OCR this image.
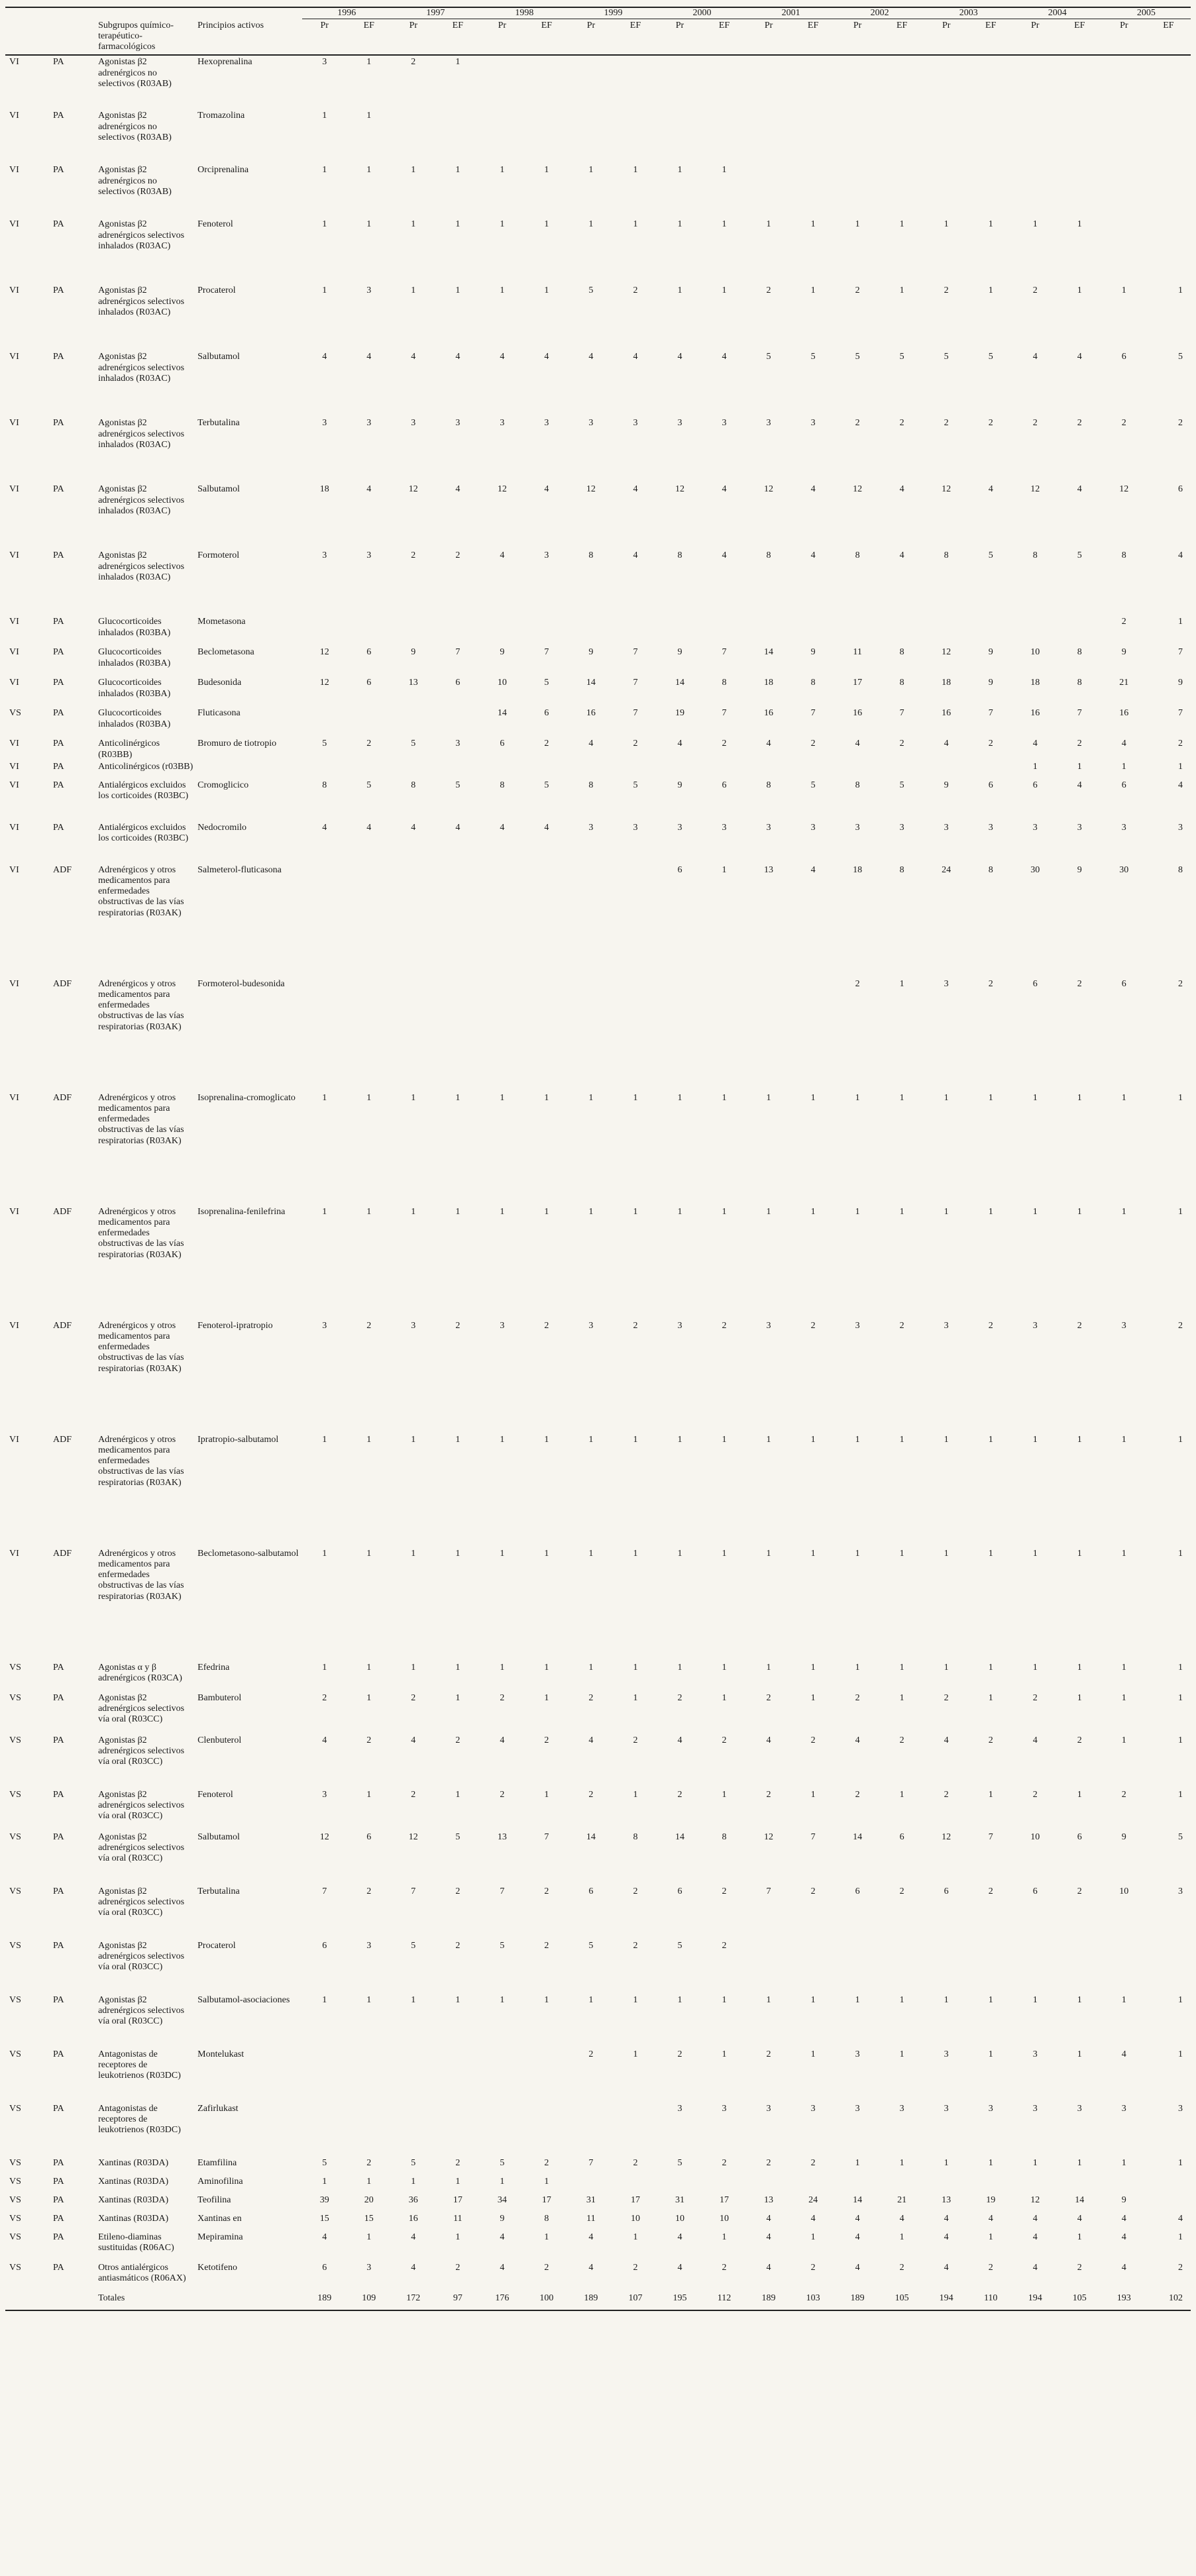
				1996		1997		1998		1999		2000		2001		2002		2003		2004		2005	
		Subgrupos químico-terapéutico-farmacológicos	Principios activos	Pr	EF	Pr	EF	Pr	EF	Pr	EF	Pr	EF	Pr	EF	Pr	EF	Pr	EF	Pr	EF	Pr	EF
VI	PA	Agonistas β2 adrenérgicos no selectivos (R03AB)	Hexoprenalina	3	1	2	1																
VI	PA	Agonistas β2 adrenérgicos no selectivos (R03AB)	Tromazolina	1	1																		
VI	PA	Agonistas β2 adrenérgicos no selectivos (R03AB)	Orciprenalina	1	1	1	1	1	1	1	1	1	1										
VI	PA	Agonistas β2 adrenérgicos selectivos inhalados (R03AC)	Fenoterol	1	1	1	1	1	1	1	1	1	1	1	1	1	1	1	1	1	1		
VI	PA	Agonistas β2 adrenérgicos selectivos inhalados (R03AC)	Procaterol	1	3	1	1	1	1	5	2	1	1	2	1	2	1	2	1	2	1	1	1
VI	PA	Agonistas β2 adrenérgicos selectivos inhalados (R03AC)	Salbutamol	4	4	4	4	4	4	4	4	4	4	5	5	5	5	5	5	4	4	6	5
VI	PA	Agonistas β2 adrenérgicos selectivos inhalados (R03AC)	Terbutalina	3	3	3	3	3	3	3	3	3	3	3	3	2	2	2	2	2	2	2	2
VI	PA	Agonistas β2 adrenérgicos selectivos inhalados (R03AC)	Salbutamol	18	4	12	4	12	4	12	4	12	4	12	4	12	4	12	4	12	4	12	6
VI	PA	Agonistas β2 adrenérgicos selectivos inhalados (R03AC)	Formoterol	3	3	2	2	4	3	8	4	8	4	8	4	8	4	8	5	8	5	8	4
VI	PA	Glucocorticoides inhalados (R03BA)	Mometasona																			2	1
VI	PA	Glucocorticoides inhalados (R03BA)	Beclometasona	12	6	9	7	9	7	9	7	9	7	14	9	11	8	12	9	10	8	9	7
VI	PA	Glucocorticoides inhalados (R03BA)	Budesonida	12	6	13	6	10	5	14	7	14	8	18	8	17	8	18	9	18	8	21	9
VS	PA	Glucocorticoides inhalados (R03BA)	Fluticasona					14	6	16	7	19	7	16	7	16	7	16	7	16	7	16	7
VI	PA	Anticolinérgicos (R03BB)	Bromuro de tiotropio	5	2	5	3	6	2	4	2	4	2	4	2	4	2	4	2	4	2	4	2
VI	PA	Anticolinérgicos (r03BB)																		1	1	1	1
VI	PA	Antialérgicos excluidos los corticoides (R03BC)	Cromoglicico	8	5	8	5	8	5	8	5	9	6	8	5	8	5	9	6	6	4	6	4
VI	PA	Antialérgicos excluidos los corticoides (R03BC)	Nedocromilo	4	4	4	4	4	4	3	3	3	3	3	3	3	3	3	3	3	3	3	3
VI	ADF	Adrenérgicos y otros medicamentos para enfermedades obstructivas de las vías respiratorias (R03AK)	Salmeterol-fluticasona									6	1	13	4	18	8	24	8	30	9	30	8
VI	ADF	Adrenérgicos y otros medicamentos para enfermedades obstructivas de las vías respiratorias (R03AK)	Formoterol-budesonida													2	1	3	2	6	2	6	2
VI	ADF	Adrenérgicos y otros medicamentos para enfermedades obstructivas de las vías respiratorias (R03AK)	Isoprenalina-cromoglicato	1	1	1	1	1	1	1	1	1	1	1	1	1	1	1	1	1	1	1	1
VI	ADF	Adrenérgicos y otros medicamentos para enfermedades obstructivas de las vías respiratorias (R03AK)	Isoprenalina-fenilefrina	1	1	1	1	1	1	1	1	1	1	1	1	1	1	1	1	1	1	1	1
VI	ADF	Adrenérgicos y otros medicamentos para enfermedades obstructivas de las vías respiratorias (R03AK)	Fenoterol-ipratropio	3	2	3	2	3	2	3	2	3	2	3	2	3	2	3	2	3	2	3	2
VI	ADF	Adrenérgicos y otros medicamentos para enfermedades obstructivas de las vías respiratorias (R03AK)	Ipratropio-salbutamol	1	1	1	1	1	1	1	1	1	1	1	1	1	1	1	1	1	1	1	1
VI	ADF	Adrenérgicos y otros medicamentos para enfermedades obstructivas de las vías respiratorias (R03AK)	Beclometasono-salbutamol	1	1	1	1	1	1	1	1	1	1	1	1	1	1	1	1	1	1	1	1
VS	PA	Agonistas α y β adrenérgicos (R03CA)	Efedrina	1	1	1	1	1	1	1	1	1	1	1	1	1	1	1	1	1	1	1	1
VS	PA	Agonistas β2 adrenérgicos selectivos vía oral (R03CC)	Bambuterol	2	1	2	1	2	1	2	1	2	1	2	1	2	1	2	1	2	1	1	1
VS	PA	Agonistas β2 adrenérgicos selectivos vía oral (R03CC)	Clenbuterol	4	2	4	2	4	2	4	2	4	2	4	2	4	2	4	2	4	2	1	1
VS	PA	Agonistas β2 adrenérgicos selectivos vía oral (R03CC)	Fenoterol	3	1	2	1	2	1	2	1	2	1	2	1	2	1	2	1	2	1	2	1
VS	PA	Agonistas β2 adrenérgicos selectivos vía oral (R03CC)	Salbutamol	12	6	12	5	13	7	14	8	14	8	12	7	14	6	12	7	10	6	9	5
VS	PA	Agonistas β2 adrenérgicos selectivos vía oral (R03CC)	Terbutalina	7	2	7	2	7	2	6	2	6	2	7	2	6	2	6	2	6	2	10	3
VS	PA	Agonistas β2 adrenérgicos selectivos vía oral (R03CC)	Procaterol	6	3	5	2	5	2	5	2	5	2										
VS	PA	Agonistas β2 adrenérgicos selectivos vía oral (R03CC)	Salbutamol-asociaciones	1	1	1	1	1	1	1	1	1	1	1	1	1	1	1	1	1	1	1	1
VS	PA	Antagonistas de receptores de leukotrienos (R03DC)	Montelukast							2	1	2	1	2	1	3	1	3	1	3	1	4	1
VS	PA	Antagonistas de receptores de leukotrienos (R03DC)	Zafirlukast									3	3	3	3	3	3	3	3	3	3	3	3
VS	PA	Xantinas (R03DA)	Etamfilina	5	2	5	2	5	2	7	2	5	2	2	2	1	1	1	1	1	1	1	1
VS	PA	Xantinas (R03DA)	Aminofilina	1	1	1	1	1	1														
VS	PA	Xantinas (R03DA)	Teofilina	39	20	36	17	34	17	31	17	31	17	13	24	14	21	13	19	12	14	9	
VS	PA	Xantinas (R03DA)	Xantinas en	15	15	16	11	9	8	11	10	10	10	4	4	4	4	4	4	4	4	4	4
VS	PA	Etileno-diaminas sustituidas (R06AC)	Mepiramina	4	1	4	1	4	1	4	1	4	1	4	1	4	1	4	1	4	1	4	1
VS	PA	Otros antialérgicos antiasmáticos (R06AX)	Ketotifeno	6	3	4	2	4	2	4	2	4	2	4	2	4	2	4	2	4	2	4	2
		Totales		189	109	172	97	176	100	189	107	195	112	189	103	189	105	194	110	194	105	193	102
